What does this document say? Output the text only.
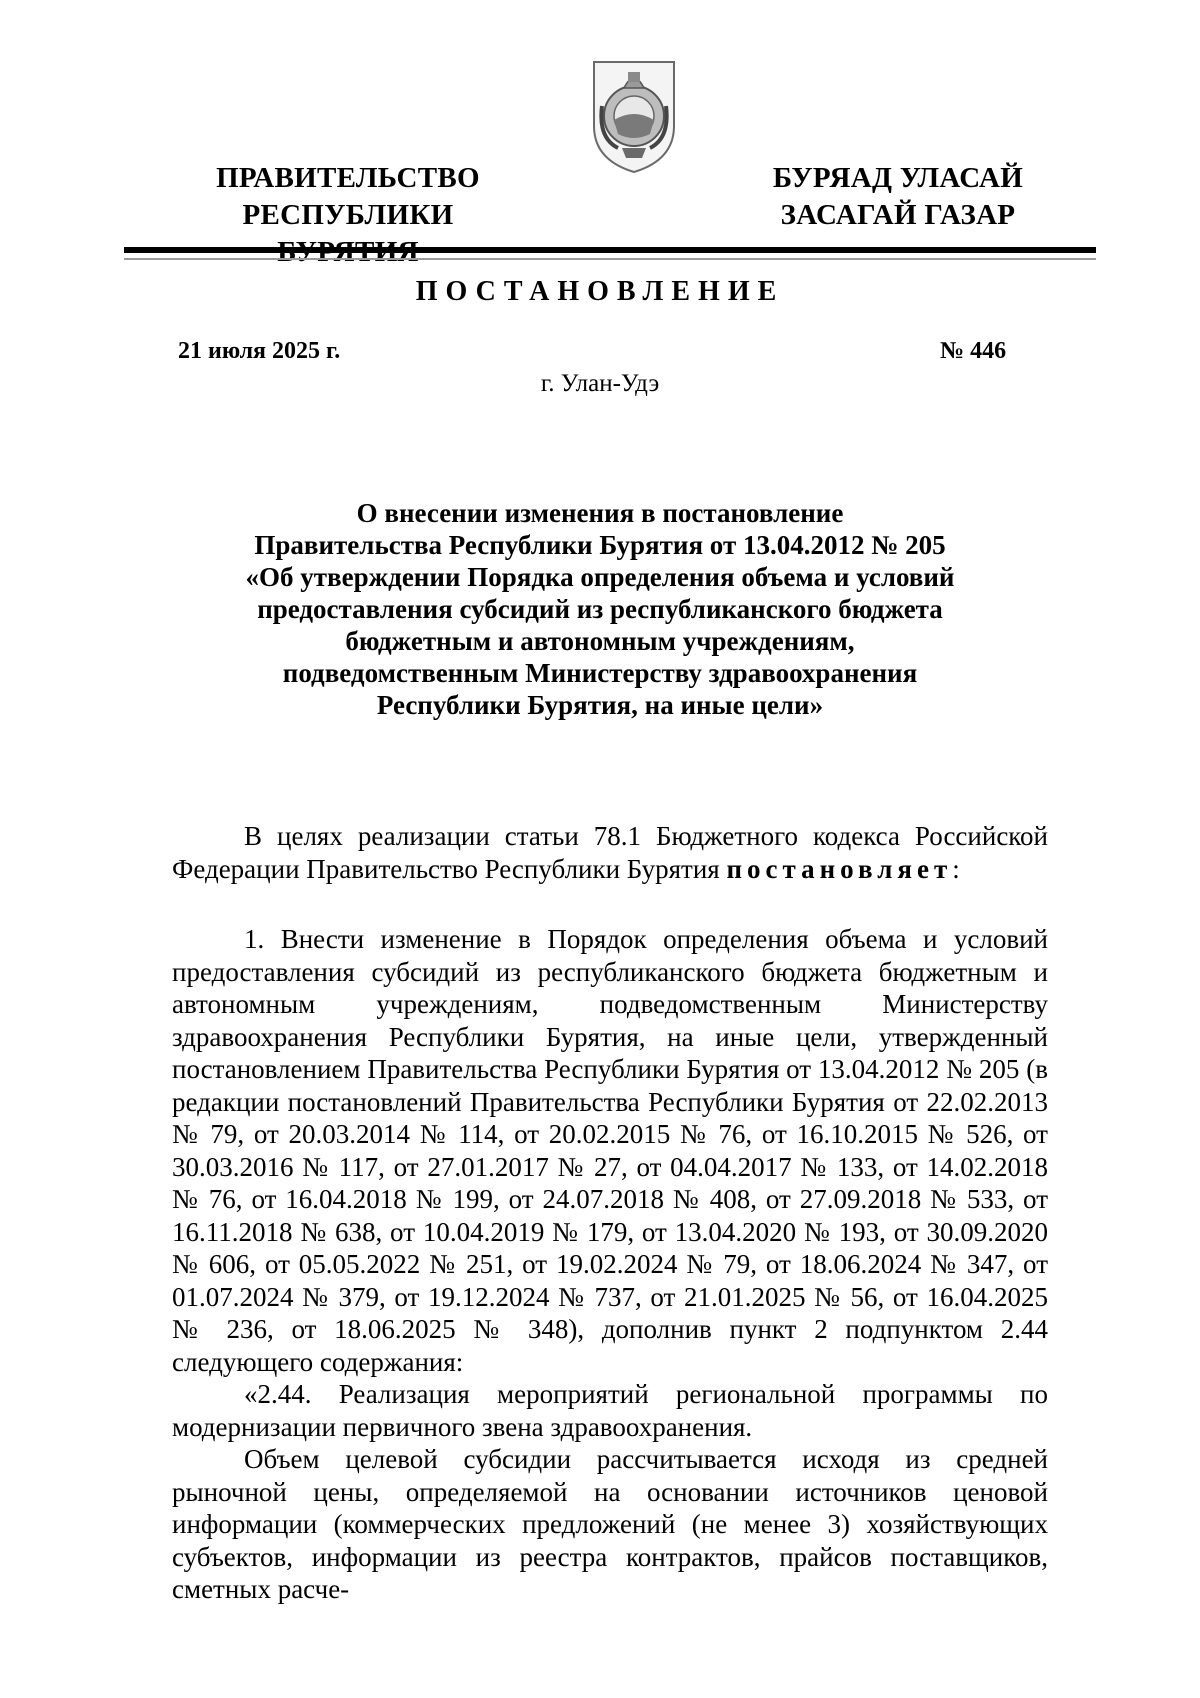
ПРАВИТЕЛЬСТВО
РЕСПУБЛИКИ
БУРЯАД УЛАСАЙ
ЗАСАГАЙ ГАЗАР
ПОСТАНОВЛЕНИЕ
21 июля 2025 г.	№ 446
г. Улан-Удэ
О внесении изменения в постановление
Правительства Республики Бурятия от 13.04.2012 № 205
«Об утверждении Порядка определения объема и условий
предоставления субсидий из республиканского бюджета
бюджетным и автономным учреждениям,
подведомственным Министерству здравоохранения
Республики Бурятия, на иные цели»

В целях реализации статьи 78.1 Бюджетного кодекса Российской Федерации Правительство Республики Бурятия постановляет:

1. Внести изменение в Порядок определения объема и условий предоставления субсидий из республиканского бюджета бюджетным и автономным учреждениям, подведомственным Министерству здравоохранения Республики Бурятия, на иные цели, утвержденный постановлением Правительства Республики Бурятия от 13.04.2012 № 205 (в редакции постановлений Правительства Республики Бурятия от 22.02.2013 № 79, от 20.03.2014 № 114, от 20.02.2015 № 76, от 16.10.2015 № 526, от 30.03.2016 № 117, от 27.01.2017 № 27, от 04.04.2017 № 133, от 14.02.2018 № 76, от 16.04.2018 № 199, от 24.07.2018 № 408, от 27.09.2018 № 533, от 16.11.2018 № 638, от 10.04.2019 № 179, от 13.04.2020 № 193, от 30.09.2020 № 606, от 05.05.2022 № 251, от 19.02.2024 № 79, от 18.06.2024 № 347, от 01.07.2024 № 379, от 19.12.2024 № 737, от 21.01.2025 № 56, от 16.04.2025 № 236, от 18.06.2025 № 348), дополнив пункт 2 подпунктом 2.44 следующего содержания:

«2.44. Реализация мероприятий региональной программы по модернизации первичного звена здравоохранения.

Объем целевой субсидии рассчитывается исходя из средней рыночной цены, определяемой на основании источников ценовой информации (коммерческих предложений (не менее 3) хозяйствующих субъектов, информации из реестра контрактов, прайсов поставщиков, сметных расче-
